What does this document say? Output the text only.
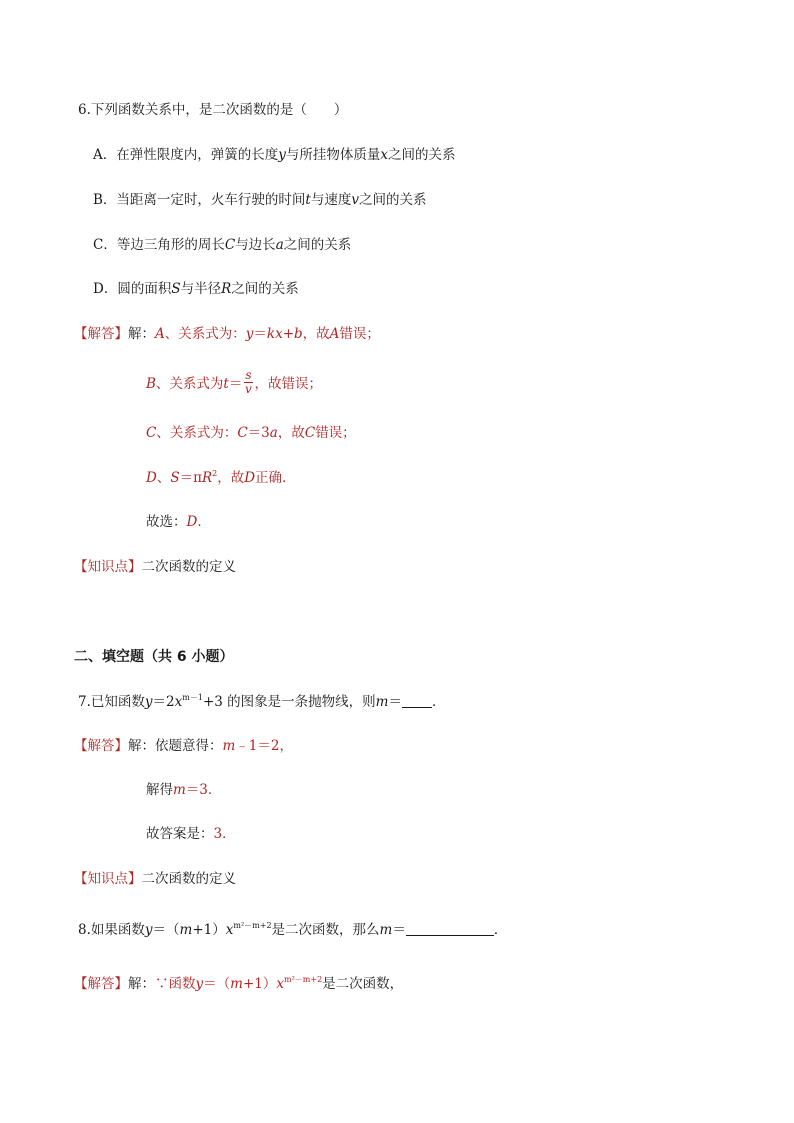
6.下列函数关系中，是二次函数的是（　　）
A．在弹性限度内，弹簧的长度y与所挂物体质量x之间的关系
B．当距离一定时，火车行驶的时间t与速度v之间的关系
C．等边三角形的周长C与边长a之间的关系
D．圆的面积S与半径R之间的关系
【解答】解：A、关系式为：y＝kx+b，故A错误；
B、关系式为$t= \frac{s}{v}$ ，故错误；
C、关系式为：C＝3a，故C错误；
D、$S=\pi R^2$，故D正确．
故选：D．
【知识点】二次函数的定义
二、填空题（共 6 小题）
7.已知函数$y=2x^{m-1}+3$ 的图象是一条抛物线，则m＝ ．
【解答】解：依题意得：m﹣1＝2，
解得m＝3．
故答案是：3．
【知识点】二次函数的定义
8.如果函数$y=(m+1)x^{m^2-m+2}$是二次函数，那么m＝	．
【解答】解：∵函数$y=(m+1)x^{m^2-m+2}$是二次函数，
